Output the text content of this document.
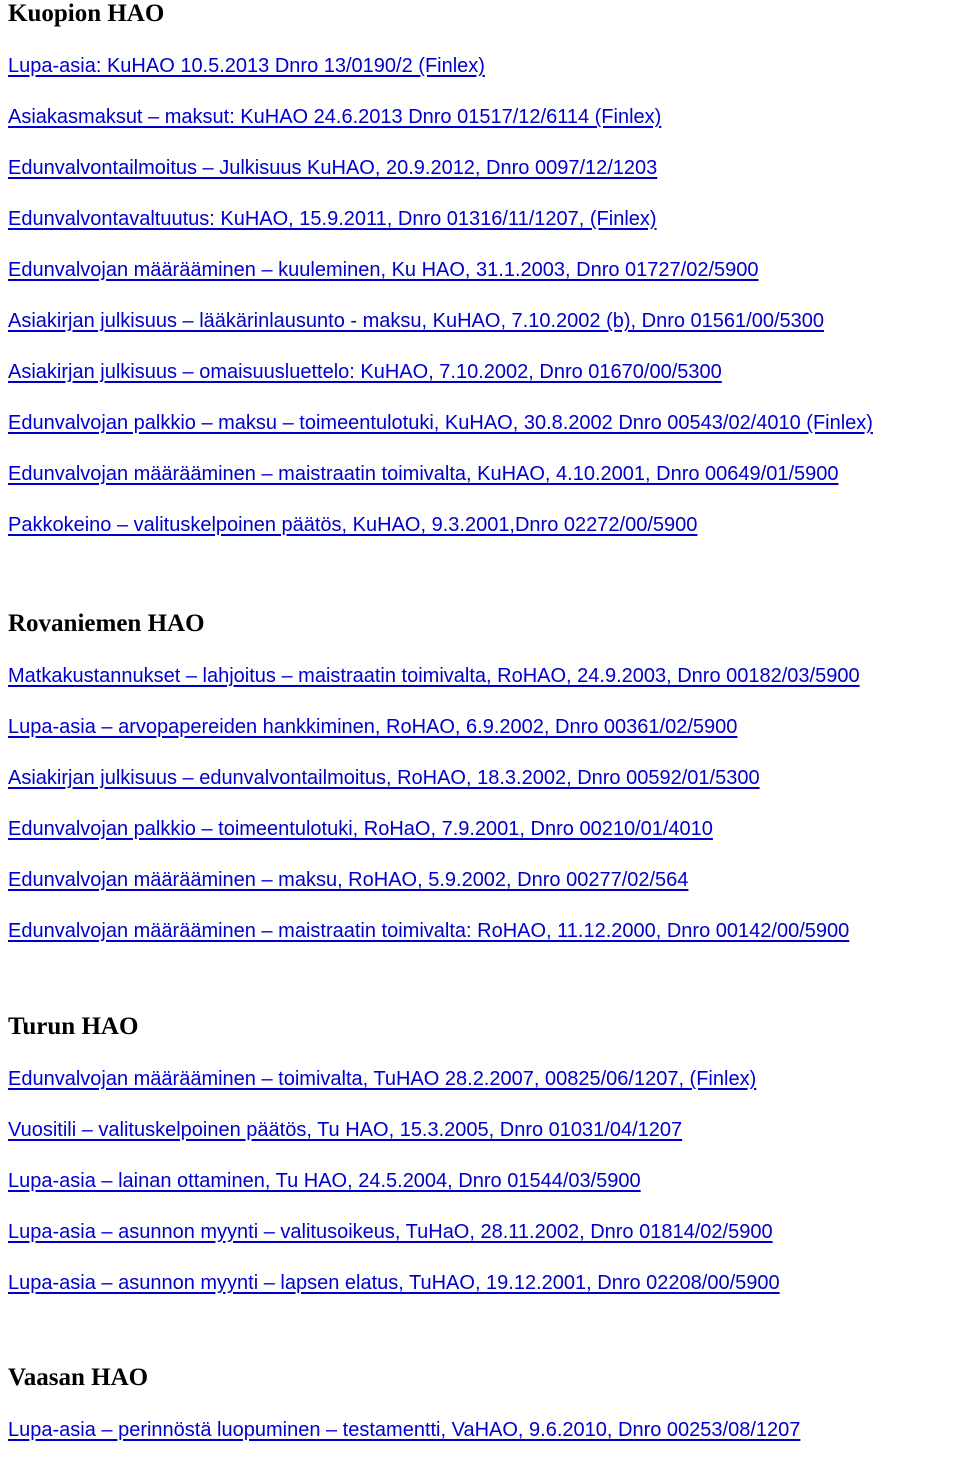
Kuopion HAO
Lupa-asia: KuHAO 10.5.2013 Dnro 13/0190/2 (Finlex)
Asiakasmaksut – maksut: KuHAO 24.6.2013 Dnro 01517/12/6114 (Finlex)
Edunvalvontailmoitus – Julkisuus KuHAO, 20.9.2012, Dnro 0097/12/1203
Edunvalvontavaltuutus: KuHAO, 15.9.2011, Dnro 01316/11/1207, (Finlex)
Edunvalvojan määrääminen – kuuleminen, Ku HAO, 31.1.2003, Dnro 01727/02/5900
Asiakirjan julkisuus – lääkärinlausunto - maksu, KuHAO, 7.10.2002 (b), Dnro 01561/00/5300
Asiakirjan julkisuus – omaisuusluettelo: KuHAO, 7.10.2002, Dnro 01670/00/5300
Edunvalvojan palkkio – maksu – toimeentulotuki, KuHAO, 30.8.2002 Dnro 00543/02/4010 (Finlex)
Edunvalvojan määrääminen – maistraatin toimivalta, KuHAO, 4.10.2001, Dnro 00649/01/5900
Pakkokeino – valituskelpoinen päätös, KuHAO, 9.3.2001,Dnro 02272/00/5900
Rovaniemen HAO
Matkakustannukset – lahjoitus – maistraatin toimivalta, RoHAO, 24.9.2003, Dnro 00182/03/5900
Lupa-asia – arvopapereiden hankkiminen, RoHAO, 6.9.2002, Dnro 00361/02/5900
Asiakirjan julkisuus – edunvalvontailmoitus, RoHAO, 18.3.2002, Dnro 00592/01/5300
Edunvalvojan palkkio – toimeentulotuki, RoHaO, 7.9.2001, Dnro 00210/01/4010
Edunvalvojan määrääminen – maksu, RoHAO, 5.9.2002, Dnro 00277/02/564
Edunvalvojan määrääminen – maistraatin toimivalta: RoHAO, 11.12.2000, Dnro 00142/00/5900
Turun HAO
Edunvalvojan määrääminen – toimivalta, TuHAO 28.2.2007, 00825/06/1207, (Finlex)
Vuositili – valituskelpoinen päätös, Tu HAO, 15.3.2005, Dnro 01031/04/1207
Lupa-asia – lainan ottaminen, Tu HAO, 24.5.2004, Dnro 01544/03/5900
Lupa-asia – asunnon myynti – valitusoikeus, TuHaO, 28.11.2002, Dnro 01814/02/5900
Lupa-asia – asunnon myynti – lapsen elatus, TuHAO, 19.12.2001, Dnro 02208/00/5900
Vaasan HAO
Lupa-asia – perinnöstä luopuminen – testamentti, VaHAO, 9.6.2010, Dnro 00253/08/1207
